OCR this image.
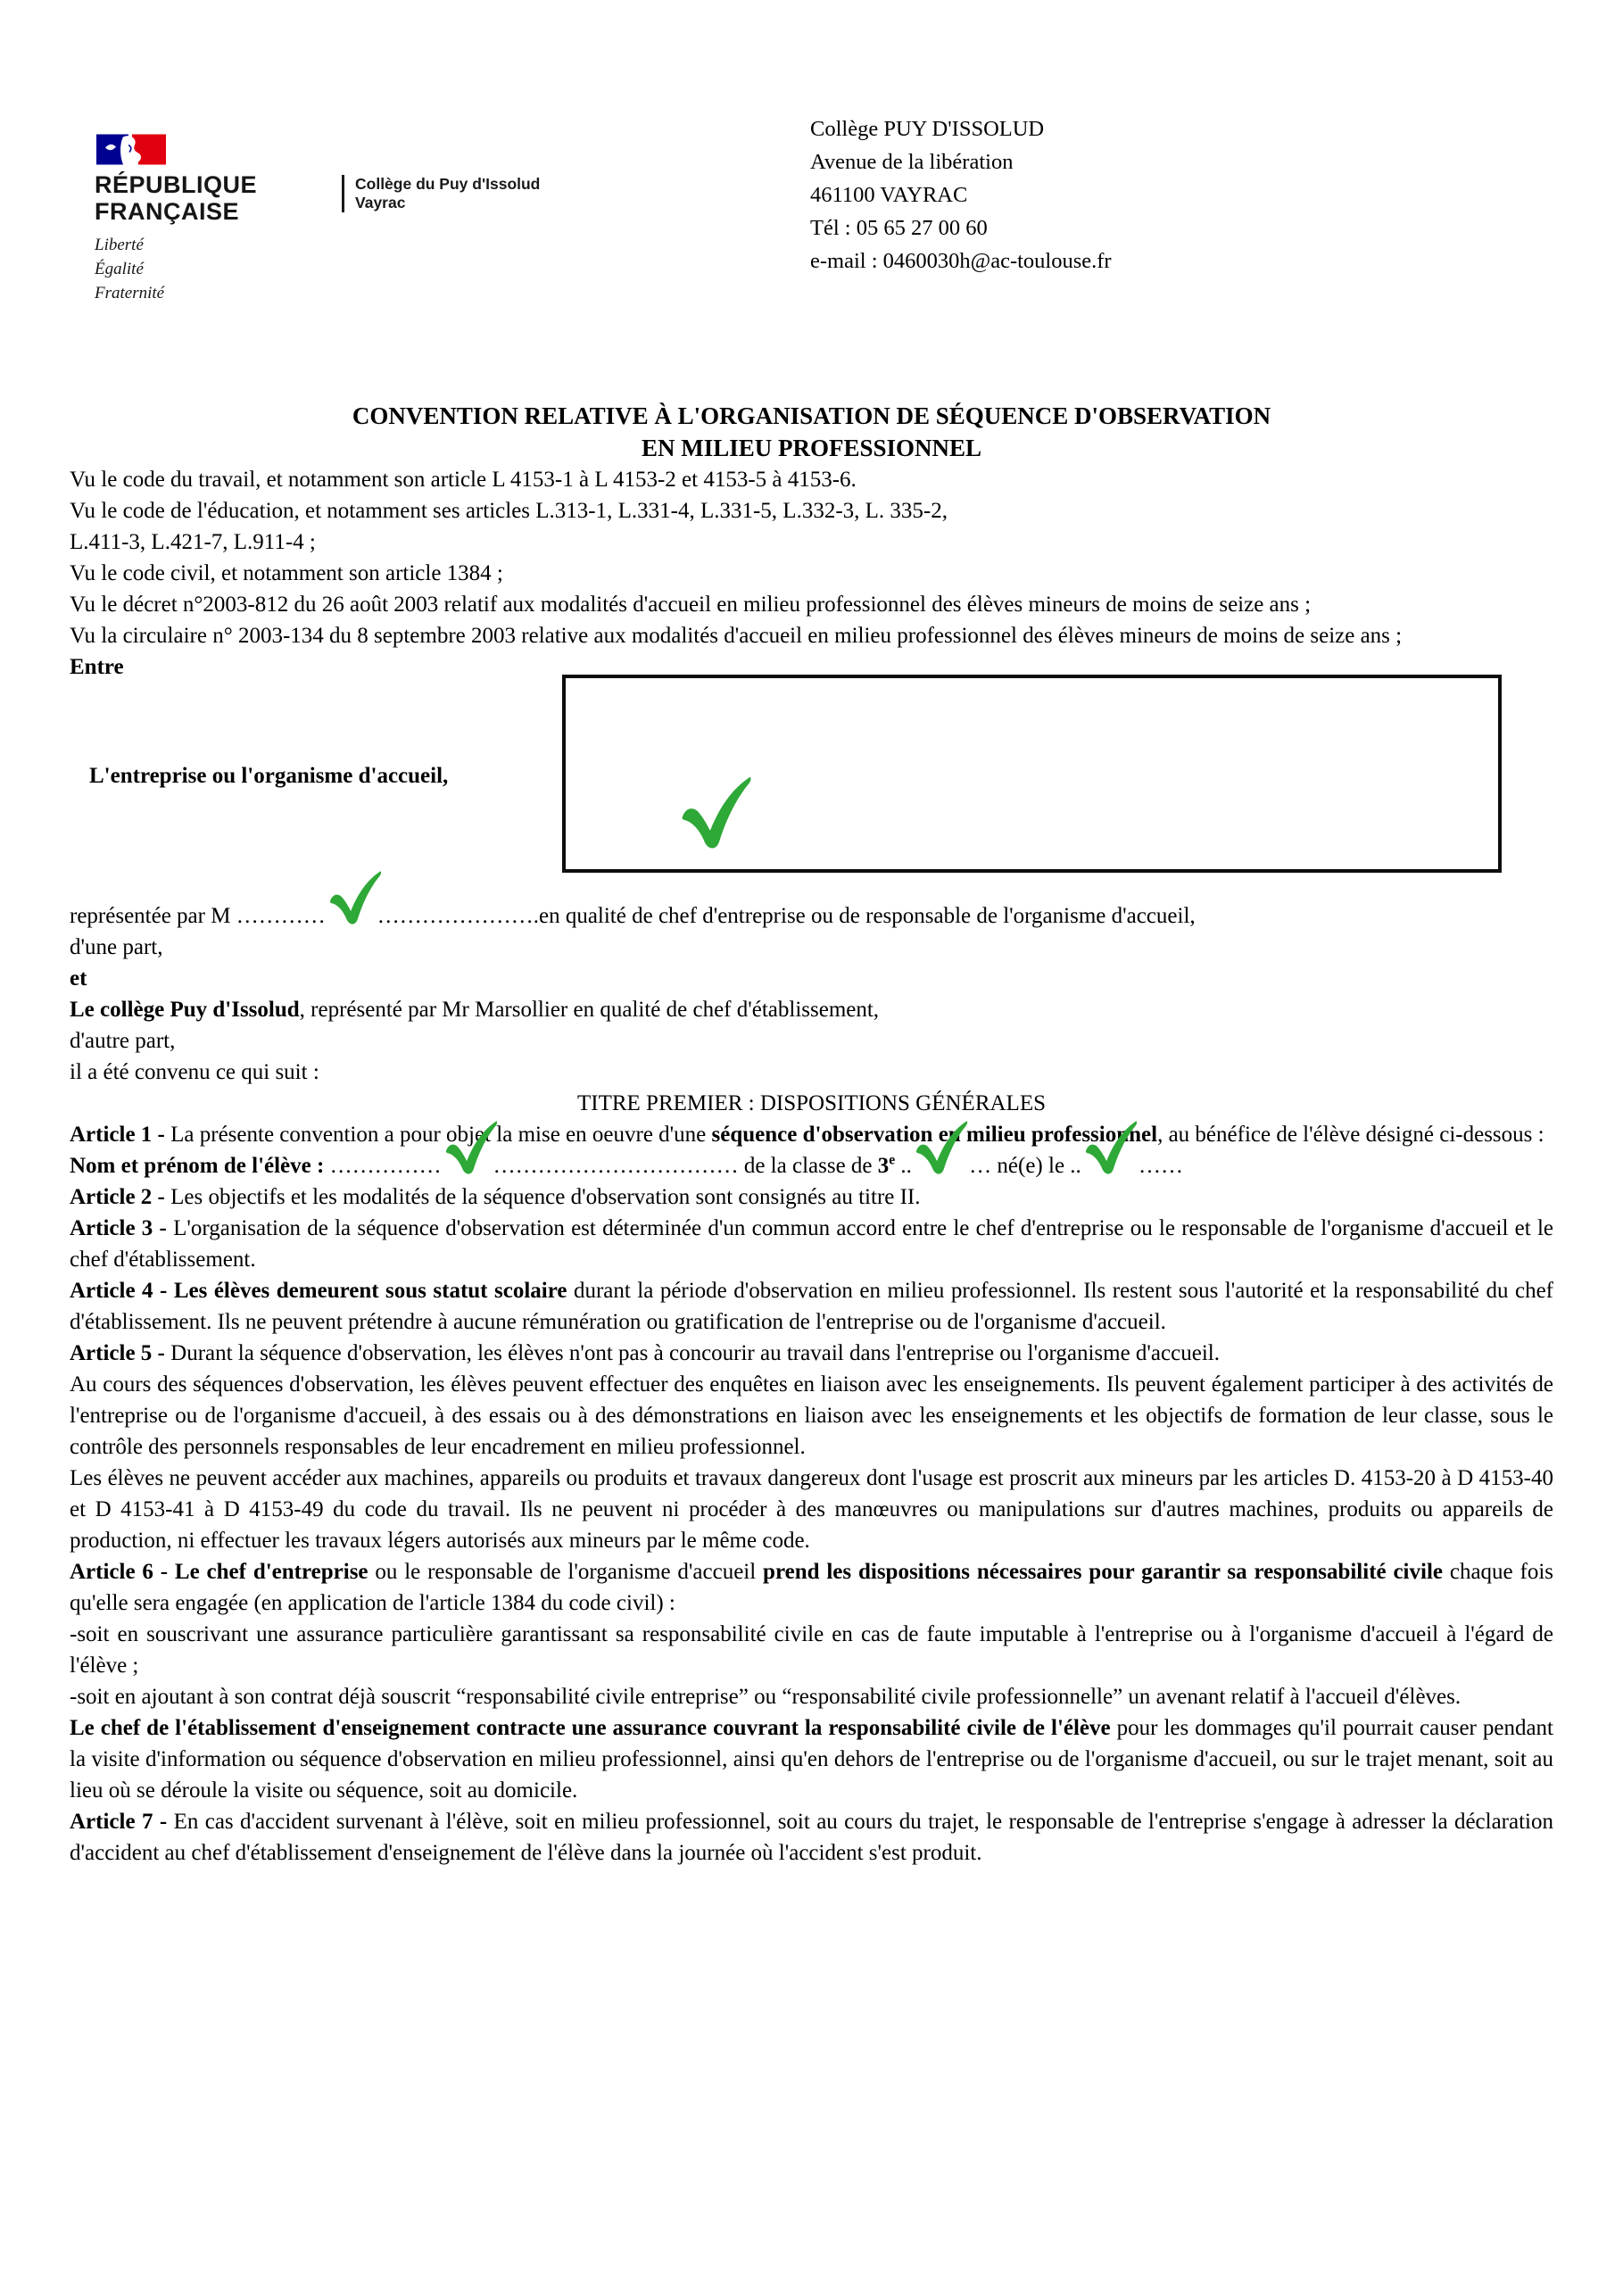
RÉPUBLIQUE
FRANÇAISE
Liberté
Égalité
Fraternité
Collège du Puy d'Issolud
Vayrac
Collège PUY D'ISSOLUD
Avenue de la libération
461100 VAYRAC
Tél : 05 65 27 00 60
e-mail : 0460030h@ac-toulouse.fr
CONVENTION RELATIVE À L'ORGANISATION DE SÉQUENCE D'OBSERVATION
EN MILIEU PROFESSIONNEL

Vu le code du travail, et notamment son article L 4153-1 à L 4153-2 et 4153-5 à 4153-6.

Vu le code de l'éducation, et notamment ses articles L.313-1, L.331-4, L.331-5, L.332-3, L. 335-2,

L.411-3, L.421-7, L.911-4 ;

Vu le code civil, et notamment son article 1384 ;

Vu le décret n°2003-812 du 26 août 2003 relatif aux modalités d'accueil en milieu professionnel des élèves mineurs de moins de seize ans ;

Vu la circulaire n° 2003-134 du 8 septembre 2003 relative aux modalités d'accueil en milieu professionnel des élèves mineurs de moins de seize ans ;

Entre

L'entreprise ou l'organisme d'accueil,

représentée par M ………… ………………….en qualité de chef d'entreprise ou de responsable de l'organisme d'accueil,

d'une part,

et

Le collège Puy d'Issolud, représenté par Mr Marsollier en qualité de chef d'établissement,

d'autre part,

il a été convenu ce qui suit :

TITRE PREMIER : DISPOSITIONS GÉNÉRALES

Article 1 - La présente convention a pour objet la mise en oeuvre d'une séquence d'observation en milieu professionnel, au bénéfice de l'élève désigné ci-dessous :

Nom et prénom de l'élève : …………… …………………………… de la classe de 3e ..
… né(e) le ..
……

Article 2 - Les objectifs et les modalités de la séquence d'observation sont consignés au titre II.

Article 3 - L'organisation de la séquence d'observation est déterminée d'un commun accord entre le chef d'entreprise ou le responsable de l'organisme d'accueil et le chef d'établissement.

Article 4 - Les élèves demeurent sous statut scolaire durant la période d'observation en milieu professionnel. Ils restent sous l'autorité et la responsabilité du chef d'établissement. Ils ne peuvent prétendre à aucune rémunération ou gratification de l'entreprise ou de l'organisme d'accueil.

Article 5 - Durant la séquence d'observation, les élèves n'ont pas à concourir au travail dans l'entreprise ou l'organisme d'accueil.

Au cours des séquences d'observation, les élèves peuvent effectuer des enquêtes en liaison avec les enseignements. Ils peuvent également participer à des activités de l'entreprise ou de l'organisme d'accueil, à des essais ou à des démonstrations en liaison avec les enseignements et les objectifs de formation de leur classe, sous le contrôle des personnels responsables de leur encadrement en milieu professionnel.

Les élèves ne peuvent accéder aux machines, appareils ou produits et travaux dangereux dont l'usage est proscrit aux mineurs par les articles D. 4153-20 à D 4153-40 et D 4153-41 à D 4153-49 du code du travail. Ils ne peuvent ni procéder à des manœuvres ou manipulations sur d'autres machines, produits ou appareils de production, ni effectuer les travaux légers autorisés aux mineurs par le même code.

Article 6 - Le chef d'entreprise ou le responsable de l'organisme d'accueil prend les dispositions nécessaires pour garantir sa responsabilité civile chaque fois qu'elle sera engagée (en application de l'article 1384 du code civil) :

-soit en souscrivant une assurance particulière garantissant sa responsabilité civile en cas de faute imputable à l'entreprise ou à l'organisme d'accueil à l'égard de l'élève ;

-soit en ajoutant à son contrat déjà souscrit “responsabilité civile entreprise” ou “responsabilité civile professionnelle” un avenant relatif à l'accueil d'élèves.

Le chef de l'établissement d'enseignement contracte une assurance couvrant la responsabilité civile de l'élève pour les dommages qu'il pourrait causer pendant la visite d'information ou séquence d'observation en milieu professionnel, ainsi qu'en dehors de l'entreprise ou de l'organisme d'accueil, ou sur le trajet menant, soit au lieu où se déroule la visite ou séquence, soit au domicile.

Article 7 - En cas d'accident survenant à l'élève, soit en milieu professionnel, soit au cours du trajet, le responsable de l'entreprise s'engage à adresser la déclaration d'accident au chef d'établissement d'enseignement de l'élève dans la journée où l'accident s'est produit.
